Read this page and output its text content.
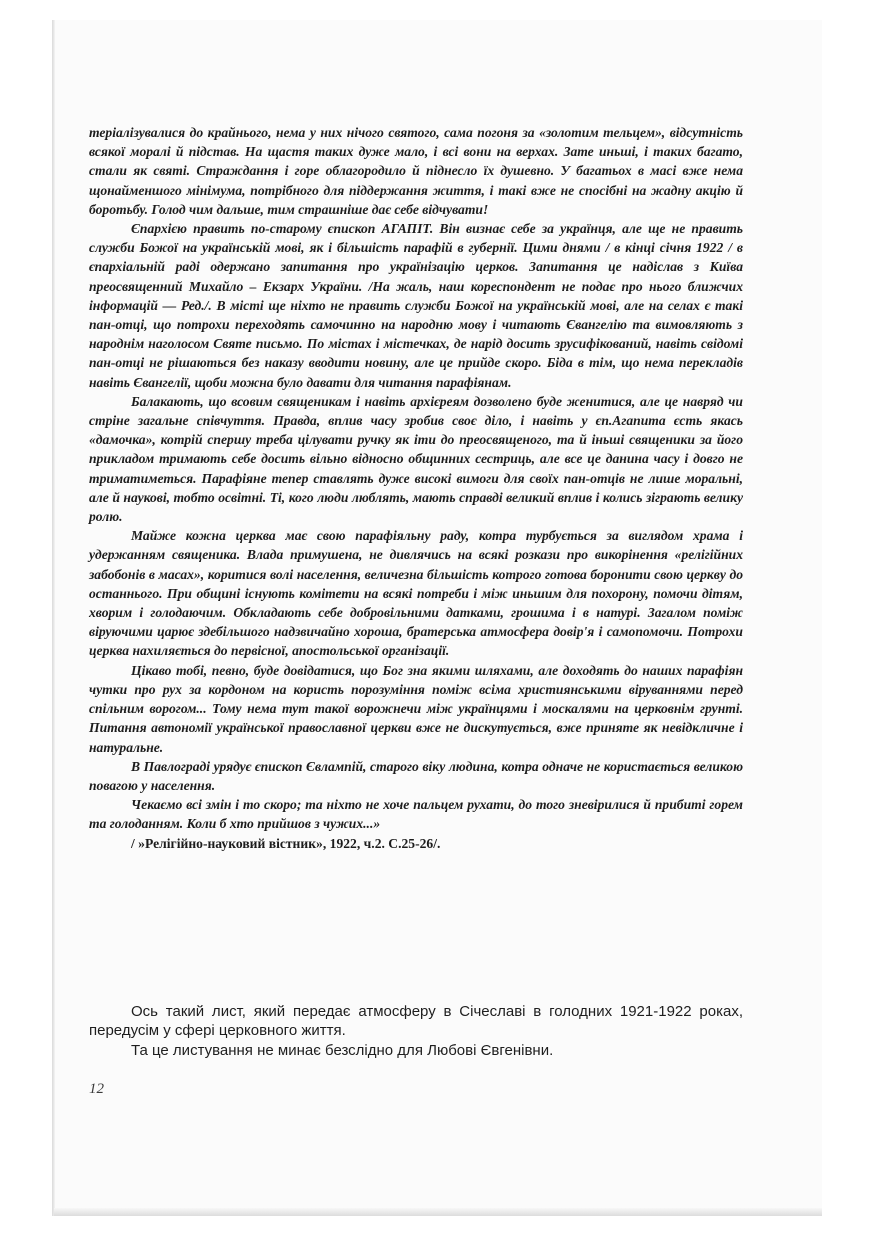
теріалізувалися до крайнього, нема у них нічого святого, сама погоня за «золотим тельцем», відсутність всякої моралі й підстав. На щастя таких дуже мало, і всі вони на верхах. Зате иньші, і таких багато, стали як святі. Страждання і горе облагородило й піднесло їх душевно. У багатьох в масі вже нема щонайменшого мінімума, потрібного для піддержання життя, і такі вже не спосібні на жадну акцію й боротьбу. Голод чим дальше, тим страшніше дає себе відчувати!

Єпархією править по-старому єпископ АГАПІТ. Він визнає себе за українця, але ще не править служби Божої на українській мові, як і більшість парафій в губернії. Цими днями / в кінці січня 1922 / в єпархіальній раді одержано запитання про українізацію церков. Запитання це надіслав з Київа преосвященний Михайло – Екзарх України. /На жаль, наш кореспондент не подає про нього ближчих інформацій — Ред./. В місті ще ніхто не править служби Божої на українській мові, але на селах є такі пан-отці, що потрохи переходять самочинно на народню мову і читають Євангелію та вимовляють з народнім наголосом Святе письмо. По містах і містечках, де нарід досить зрусифікований, навіть свідомі пан-отці не рішаються без наказу вводити новину, але це прийде скоро. Біда в тім, що нема перекладів навіть Євангелії, щоби можна було давати для читання парафіянам.

Балакають, що всовим священикам і навіть архієреям дозволено буде женитися, але це навряд чи стріне загальне співчуття. Правда, вплив часу зробив своє діло, і навіть у єп.Агапита єсть якась «дамочка», котрій спершу треба цілувати ручку як іти до преосвященого, та й іньші священики за його прикладом тримають себе досить вільно відносно общинних сестриць, але все це данина часу і довго не триматиметься. Парафіяне тепер ставлять дуже високі вимоги для своїх пан-отців не лише моральні, але й наукові, тобто освітні. Ті, кого люди люблять, мають справді великий вплив і колись зіграють велику ролю.

Майже кожна церква має свою парафіяльну раду, котра турбується за виглядом храма і удержанням священика. Влада примушена, не дивлячись на всякі розкази про викорінення «релігійних забобонів в масах», коритися волі населення, величезна більшість котрого готова боронити свою церкву до останнього. При общині існують комітети на всякі потреби і між иньшим для похорону, помочи дітям, хворим і голодаючим. Обкладають себе добровільними датками, грошима і в натурі. Загалом поміж віруючими царює здебільшого надзвичайно хороша, братерська атмосфера довір'я і самопомочи. Потрохи церква нахиляється до первісної, апостольської організації.

Цікаво тобі, певно, буде довідатися, що Бог зна якими шляхами, але доходять до наших парафіян чутки про рух за кордоном на користь порозуміння поміж всіма християнськими віруваннями перед спільним ворогом... Тому нема тут такої ворожнечи між українцями і москалями на церковнім грунті. Питання автономії української православної церкви вже не дискутується, вже приняте як невідкличне і натуральне.

В Павлограді урядує єпископ Євлампій, старого віку людина, котра одначе не користається великою повагою у населення.

Чекаємо всі змін і то скоро; та ніхто не хоче пальцем рухати, до того зневірилися й прибиті горем та голоданням. Коли б хто прийшов з чужих...»

/ »Релігійно-науковий вістник», 1922, ч.2. С.25-26/.

Ось такий лист, який передає атмосферу в Січеславі в голодних 1921-1922 роках, передусім у сфері церковного життя.

Та це листування не минає безслідно для Любові Євгенівни.

12
